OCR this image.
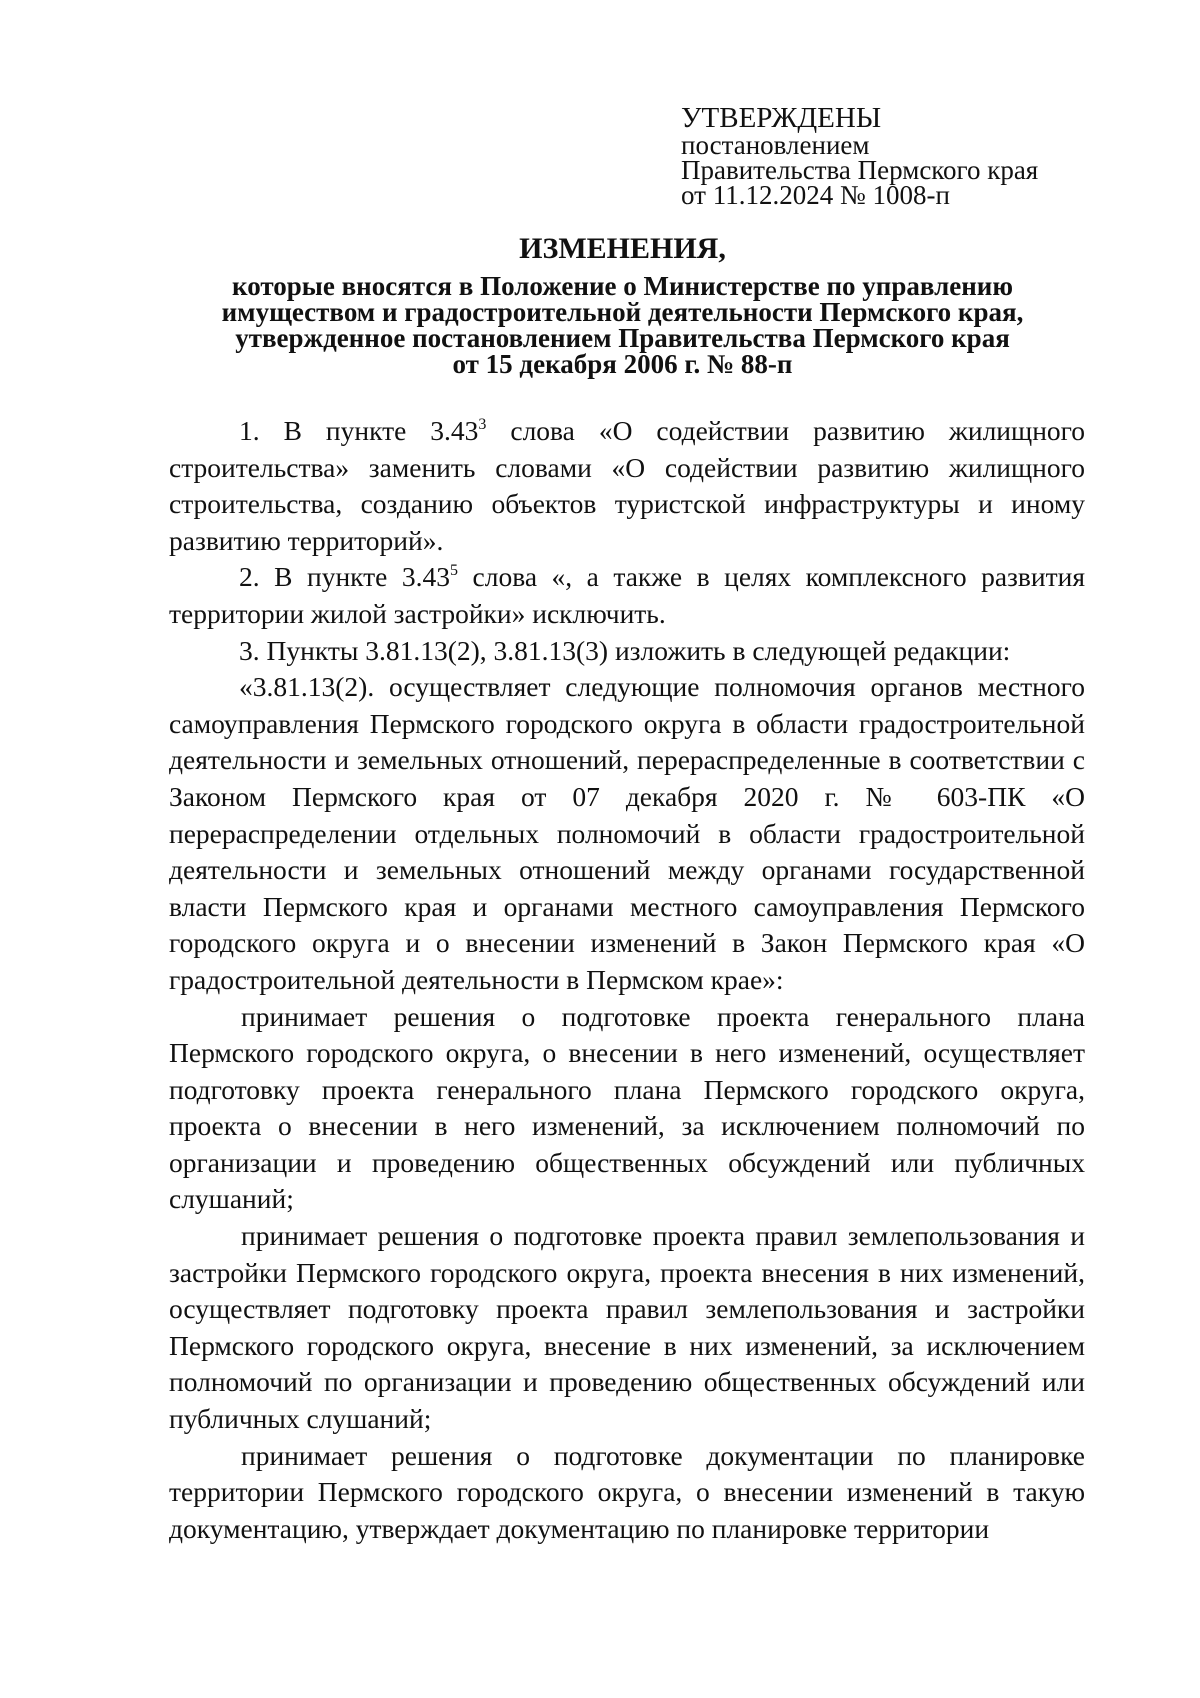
УТВЕРЖДЕНЫ
постановлением
Правительства Пермского края
от 11.12.2024 № 1008-п
ИЗМЕНЕНИЯ,
которые вносятся в Положение о Министерстве по управлению
имуществом и градостроительной деятельности Пермского края,
утвержденное постановлением Правительства Пермского края
от 15 декабря 2006 г. № 88-п

1. В пункте 3.43$^3$ слова «О содействии развитию жилищного строительства» заменить словами «О содействии развитию жилищного строительства, созданию объектов туристской инфраструктуры и иному развитию территорий».

2. В пункте 3.43$^5$ слова «, а также в целях комплексного развития территории жилой застройки» исключить.

3. Пункты 3.81.13(2), 3.81.13(3) изложить в следующей редакции:

«3.81.13(2). осуществляет следующие полномочия органов местного самоуправления Пермского городского округа в области градостроительной деятельности и земельных отношений, перераспределенные в соответствии с Законом Пермского края от 07 декабря 2020 г. № 603-ПК «О перераспределении отдельных полномочий в области градостроительной деятельности и земельных отношений между органами государственной власти Пермского края и органами местного самоуправления Пермского городского округа и о внесении изменений в Закон Пермского края «О градостроительной деятельности в Пермском крае»:

принимает решения о подготовке проекта генерального плана Пермского городского округа, о внесении в него изменений, осуществляет подготовку проекта генерального плана Пермского городского округа, проекта о внесении в него изменений, за исключением полномочий по организации и проведению общественных обсуждений или публичных слушаний;

принимает решения о подготовке проекта правил землепользования и застройки Пермского городского округа, проекта внесения в них изменений, осуществляет подготовку проекта правил землепользования и застройки Пермского городского округа, внесение в них изменений, за исключением полномочий по организации и проведению общественных обсуждений или публичных слушаний;

принимает решения о подготовке документации по планировке территории Пермского городского округа, о внесении изменений в такую документацию, утверждает документацию по планировке территории
